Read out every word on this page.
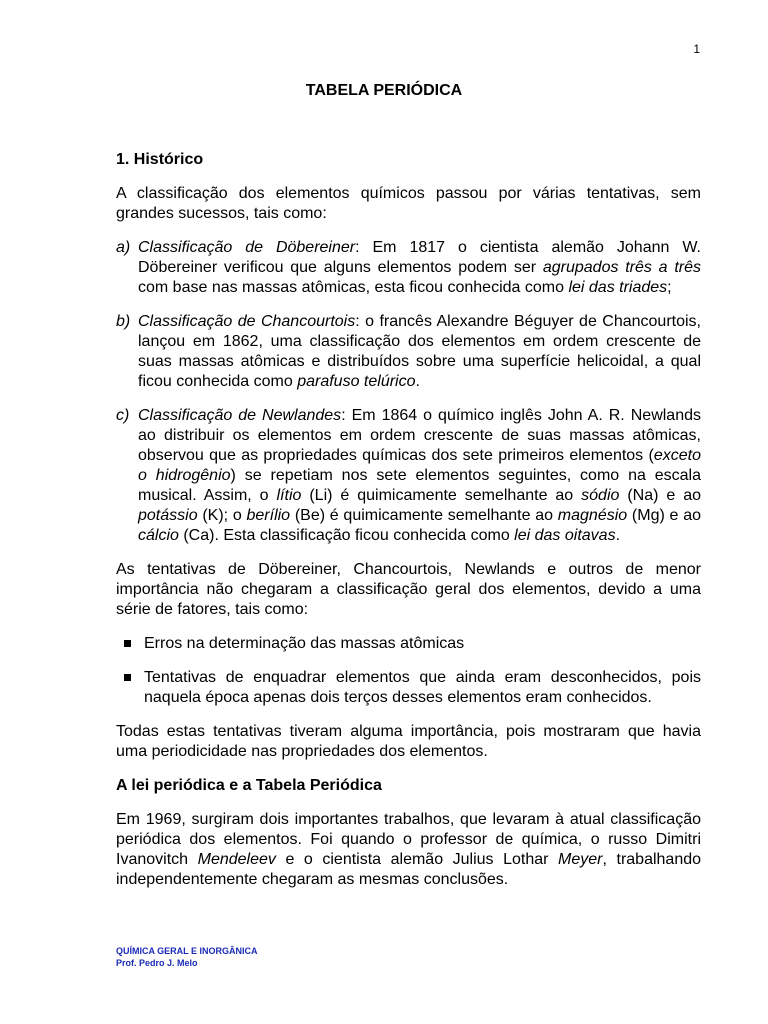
1
TABELA PERIÓDICA
1. Histórico

A classificação dos elementos químicos passou por várias tentativas, sem grandes sucessos, tais como:

a) Classificação de Döbereiner: Em 1817 o cientista alemão Johann W. Döbereiner verificou que alguns elementos podem ser agrupados três a três com base nas massas atômicas, esta ficou conhecida como lei das triades;
b) Classificação de Chancourtois: o francês Alexandre Béguyer de Chancourtois, lançou em 1862, uma classificação dos elementos em ordem crescente de suas massas atômicas e distribuídos sobre uma superfície helicoidal, a qual ficou conhecida como parafuso telúrico.
c) Classificação de Newlandes: Em 1864 o químico inglês John A. R. Newlands ao distribuir os elementos em ordem crescente de suas massas atômicas, observou que as propriedades químicas dos sete primeiros elementos (exceto o hidrogênio) se repetiam nos sete elementos seguintes, como na escala musical. Assim, o lítio (Li) é quimicamente semelhante ao sódio (Na) e ao potássio (K); o berílio (Be) é quimicamente semelhante ao magnésio (Mg) e ao cálcio (Ca). Esta classificação ficou conhecida como lei das oitavas.

As tentativas de Döbereiner, Chancourtois, Newlands e outros de menor importância não chegaram a classificação geral dos elementos, devido a uma série de fatores, tais como:

Erros na determinação das massas atômicas
Tentativas de enquadrar elementos que ainda eram desconhecidos, pois naquela época apenas dois terços desses elementos eram conhecidos.

Todas estas tentativas tiveram alguma importância, pois mostraram que havia uma periodicidade nas propriedades dos elementos.

A lei periódica e a Tabela Periódica

Em 1969, surgiram dois importantes trabalhos, que levaram à atual classificação periódica dos elementos. Foi quando o professor de química, o russo Dimitri Ivanovitch Mendeleev e o cientista alemão Julius Lothar Meyer, trabalhando independentemente chegaram as mesmas conclusões.

QUÍMICA GERAL E INORGÂNICA
Prof. Pedro J. Melo
